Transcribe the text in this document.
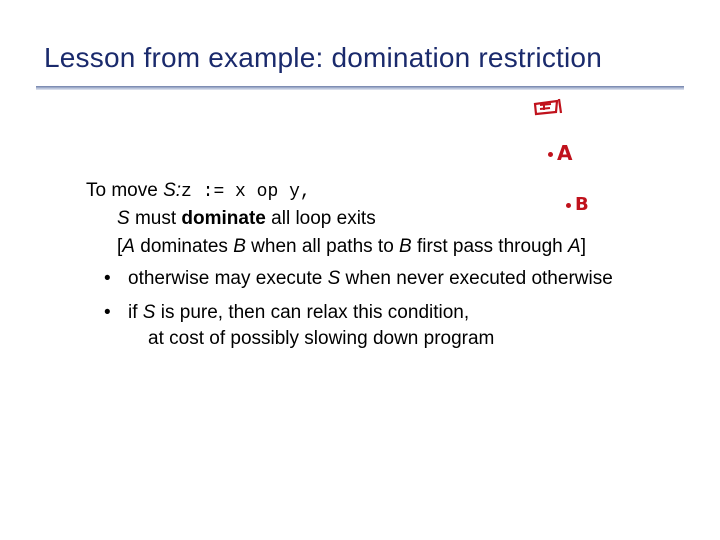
Lesson from example: domination restriction
A
B
To move S:z := x op y,
S must dominate all loop exits
[A dominates B when all paths to B first pass through A]
• otherwise may execute S when never executed otherwise
• if S is pure, then can relax this condition,
at cost of possibly slowing down program
